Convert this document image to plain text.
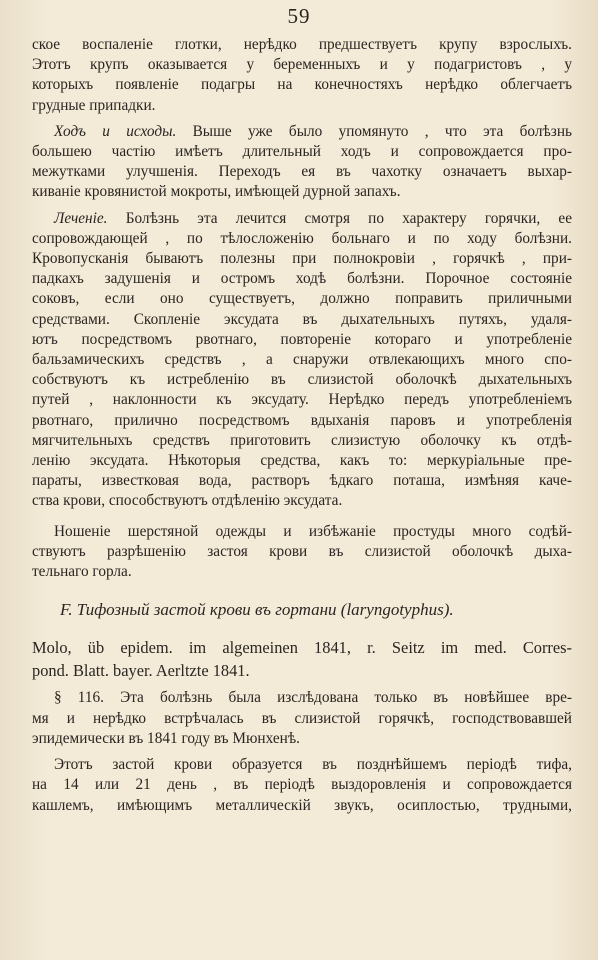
59
ское воспаленіе глотки, нерѣдко предшествуетъ крупу взрослыхъ.
Этотъ крупъ оказывается у беременныхъ и у подагристовъ , у
которыхъ появленіе подагры на конечностяхъ нерѣдко облегчаетъ
грудные припадки.
Ходъ и исходы. Выше уже было упомянуто , что эта болѣзнь
большею частію имѣетъ длительный ходъ и сопровождается про-
межутками улучшенія. Переходъ ея въ чахотку означаетъ выхар-
киваніе кровянистой мокроты, имѣющей дурной запахъ.
Леченіе. Болѣзнь эта лечится смотря по характеру горячки, ее
сопровождающей , по тѣлосложенію больнаго и по ходу болѣзни.
Кровопусканія бываютъ полезны при полнокровіи , горячкѣ , при-
падкахъ задушенія и остромъ ходѣ болѣзни. Порочное состояніе
соковъ, если оно существуетъ, должно поправить приличными
средствами. Скопленіе эксудата въ дыхательныхъ путяхъ, удаля-
ютъ посредствомъ рвотнаго, повтореніе котораго и употребленіе
бальзамическихъ средствъ , а снаружи отвлекающихъ много спо-
собствуютъ къ истребленію въ слизистой оболочкѣ дыхательныхъ
путей , наклонности къ эксудату. Нерѣдко передъ употребленіемъ
рвотнаго, прилично посредствомъ вдыханія паровъ и употребленія
мягчительныхъ средствъ приготовить слизистую оболочку къ отдѣ-
ленію эксудата. Нѣкоторыя средства, какъ то: меркуріальные пре-
параты, известковая вода, растворъ ѣдкаго поташа, измѣняя каче-
ства крови, способствуютъ отдѣленію эксудата.
Ношеніе шерстяной одежды и избѣжаніе простуды много содѣй-
ствуютъ разрѣшенію застоя крови въ слизистой оболочкѣ дыха-
тельнаго горла.
F. Тифозный застой крови въ гортани (laryngotyphus).
Molo, üb epidem. im algemeinen 1841, r. Seitz im med. Corres-
pond. Blatt. bayer. Aerltzte 1841.
§ 116. Эта болѣзнь была изслѣдована только въ новѣйшее вре-
мя и нерѣдко встрѣчалась въ слизистой горячкѣ, господствовавшей
эпидемически въ 1841 году въ Мюнхенѣ.
Этотъ застой крови образуется въ позднѣйшемъ періодѣ тифа,
на 14 или 21 день , въ періодѣ выздоровленія и сопровождается
кашлемъ, имѣющимъ металлическій звукъ, осиплостью, трудными,
